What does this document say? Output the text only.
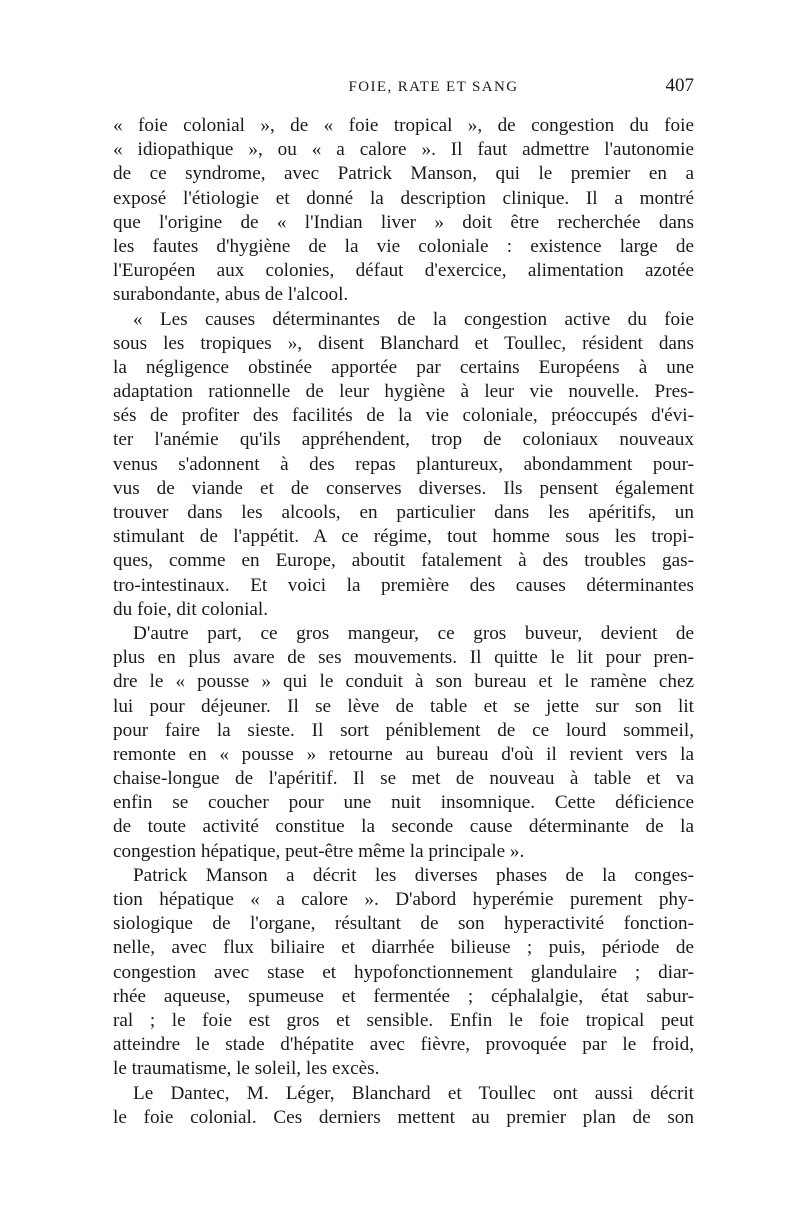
FOIE, RATE ET SANG	407
« foie colonial », de « foie tropical », de congestion du foie
« idiopathique », ou « a calore ». Il faut admettre l'autonomie
de ce syndrome, avec Patrick Manson, qui le premier en a
exposé l'étiologie et donné la description clinique. Il a montré
que l'origine de « l'Indian liver » doit être recherchée dans
les fautes d'hygiène de la vie coloniale : existence large de
l'Européen aux colonies, défaut d'exercice, alimentation azotée
surabondante, abus de l'alcool.
« Les causes déterminantes de la congestion active du foie
sous les tropiques », disent Blanchard et Toullec, résident dans
la négligence obstinée apportée par certains Européens à une
adaptation rationnelle de leur hygiène à leur vie nouvelle. Pres-
sés de profiter des facilités de la vie coloniale, préoccupés d'évi-
ter l'anémie qu'ils appréhendent, trop de coloniaux nouveaux
venus s'adonnent à des repas plantureux, abondamment pour-
vus de viande et de conserves diverses. Ils pensent également
trouver dans les alcools, en particulier dans les apéritifs, un
stimulant de l'appétit. A ce régime, tout homme sous les tropi-
ques, comme en Europe, aboutit fatalement à des troubles gas-
tro-intestinaux. Et voici la première des causes déterminantes
du foie, dit colonial.
D'autre part, ce gros mangeur, ce gros buveur, devient de
plus en plus avare de ses mouvements. Il quitte le lit pour pren-
dre le « pousse » qui le conduit à son bureau et le ramène chez
lui pour déjeuner. Il se lève de table et se jette sur son lit
pour faire la sieste. Il sort péniblement de ce lourd sommeil,
remonte en « pousse » retourne au bureau d'où il revient vers la
chaise-longue de l'apéritif. Il se met de nouveau à table et va
enfin se coucher pour une nuit insomnique. Cette déficience
de toute activité constitue la seconde cause déterminante de la
congestion hépatique, peut-être même la principale ».
Patrick Manson a décrit les diverses phases de la conges-
tion hépatique « a calore ». D'abord hyperémie purement phy-
siologique de l'organe, résultant de son hyperactivité fonction-
nelle, avec flux biliaire et diarrhée bilieuse ; puis, période de
congestion avec stase et hypofonctionnement glandulaire ; diar-
rhée aqueuse, spumeuse et fermentée ; céphalalgie, état sabur-
ral ; le foie est gros et sensible. Enfin le foie tropical peut
atteindre le stade d'hépatite avec fièvre, provoquée par le froid,
le traumatisme, le soleil, les excès.
Le Dantec, M. Léger, Blanchard et Toullec ont aussi décrit
le foie colonial. Ces derniers mettent au premier plan de son
